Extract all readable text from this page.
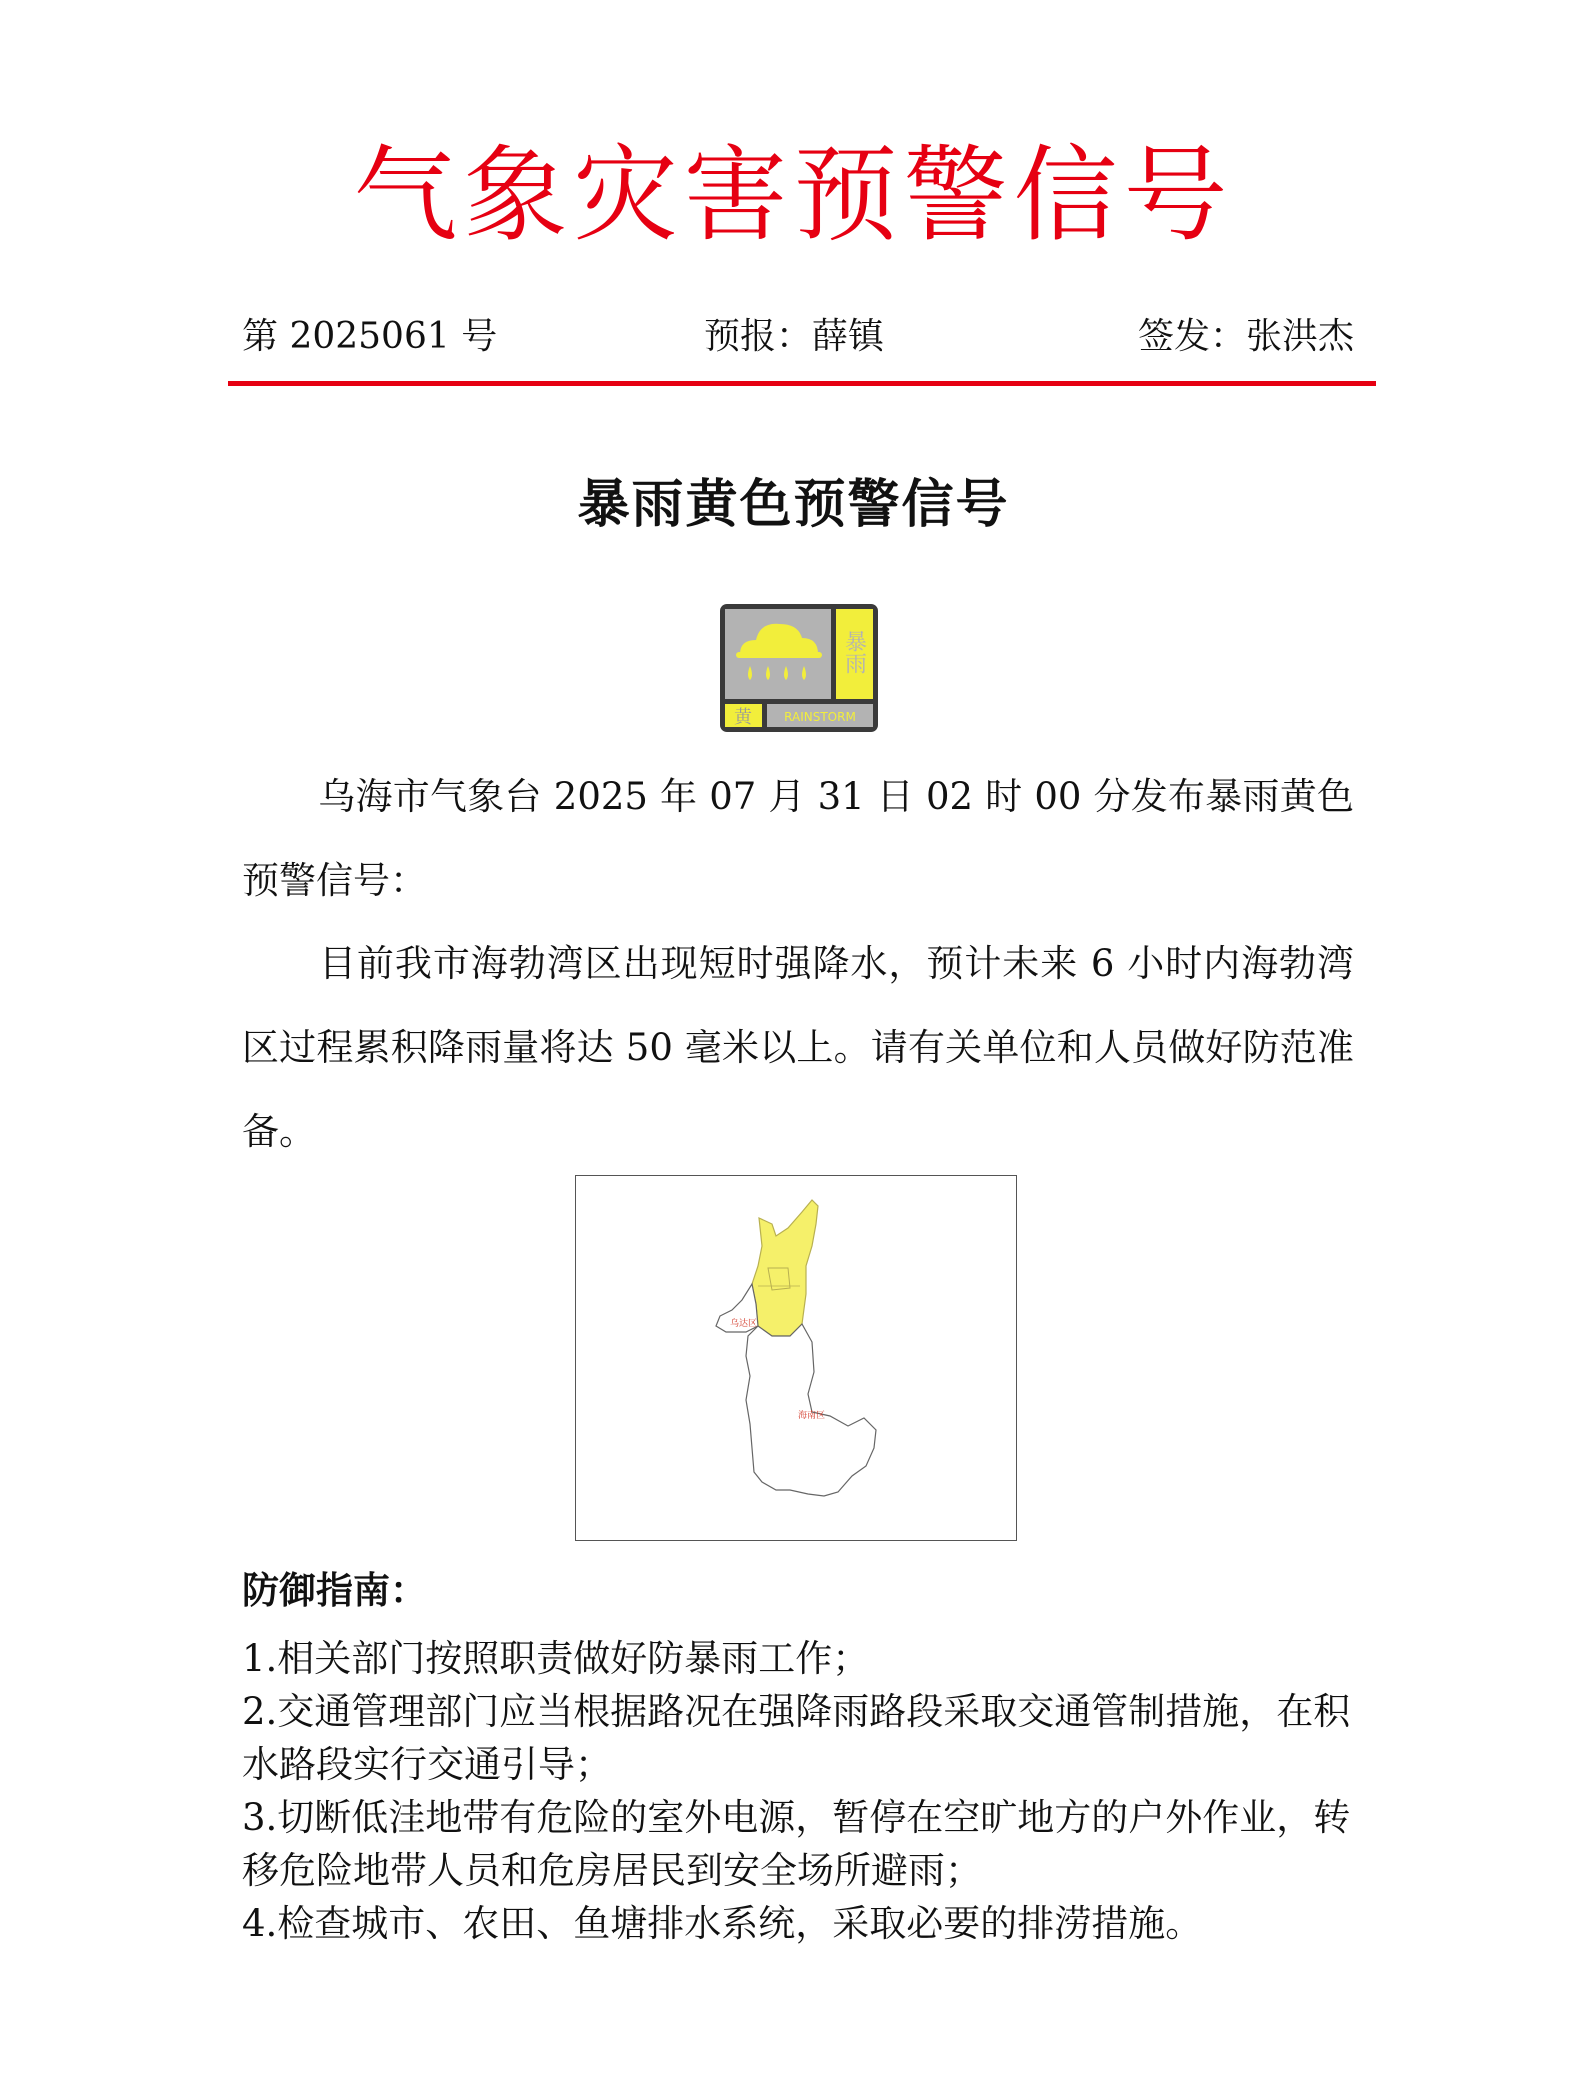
气象灾害预警信号
第 2025061 号	预报：薛镇	签发：张洪杰
暴雨黄色预警信号
暴雨
黄	RAINSTORM
乌海市气象台 2025 年 07 月 31 日 02 时 00 分发布暴雨黄色预警信号：
目前我市海勃湾区出现短时强降水，预计未来 6 小时内海勃湾区过程累积降雨量将达 50 毫米以上。请有关单位和人员做好防范准备。
乌达区
海南区
防御指南：

1.相关部门按照职责做好防暴雨工作；

2.交通管理部门应当根据路况在强降雨路段采取交通管制措施，在积水路段实行交通引导；

3.切断低洼地带有危险的室外电源，暂停在空旷地方的户外作业，转移危险地带人员和危房居民到安全场所避雨；

4.检查城市、农田、鱼塘排水系统，采取必要的排涝措施。
